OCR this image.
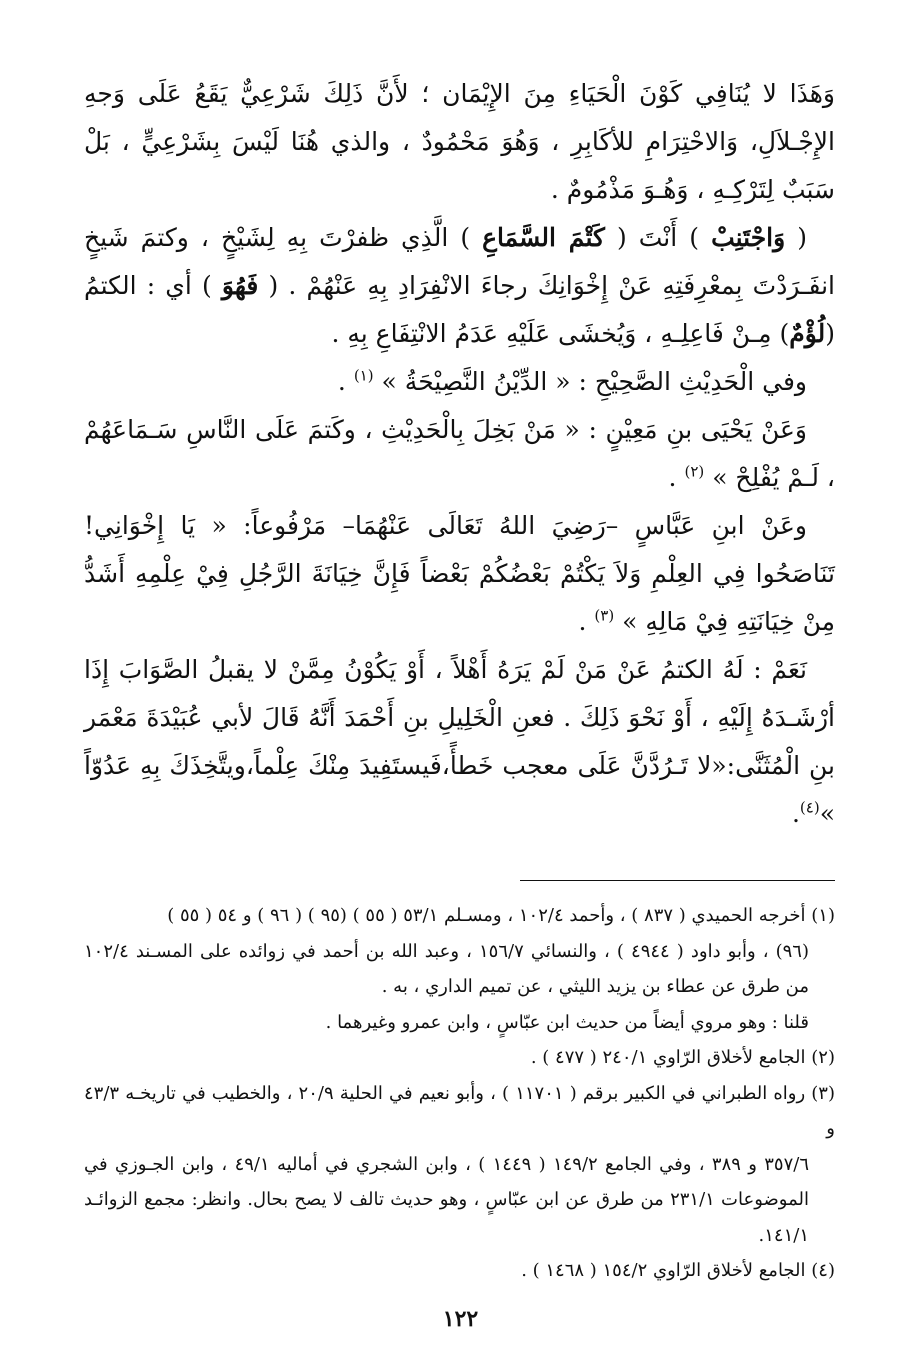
وَهَذَا لا يُنَافِي كَوْنَ الْحَيَاءِ مِنَ الإِيْمَان ؛ لأَنَّ ذَلِكَ شَرْعِيٌّ يَقَعُ عَلَى وَجهِ الإِجْـلاَلِ، وَالاحْتِرَامِ للأكَابِرِ ، وَهُوَ مَحْمُودٌ ، والذي هُنَا لَيْسَ بِشَرْعِيٍّ ، بَلْ سَبَبٌ لِتَرْكِـهِ ، وَهُـوَ مَذْمُومٌ .

( وَاجْتَنِبْ ) أَنْتَ ( كَتْمَ السَّمَاعِ ) الَّذِي ظفرْتَ بِهِ لِشَيْخٍ ، وكتمَ شَيخٍ انفَـرَدْتَ بِمعْرِفَتِهِ عَنْ إِخْوَانِكَ رجاءَ الانْفِرَادِ بِهِ عَنْهُمْ . ( فَهُوَ ) أي : الكتمُ (لُؤْمٌ) مِـنْ فَاعِلِـهِ ، وَيُخشَى عَلَيْهِ عَدَمُ الانْتِفَاعِ بِهِ .

وفي الْحَدِيْثِ الصَّحِيْحِ : « الدِّيْنُ النَّصِيْحَةُ » $^{(١)}$ .

وَعَنْ يَحْيَى بنِ مَعِيْنٍ : « مَنْ بَخِلَ بِالْحَدِيْثِ ، وكَتمَ عَلَى النَّاسِ سَـمَاعَهُمْ ، لَـمْ يُفْلِحْ » $^{(٢)}$ .

وعَنْ ابنِ عَبَّاسٍ –رَضِيَ اللهُ تَعَالَى عَنْهُمَا– مَرْفُوعاً: « يَا إِخْوَانِي! تَنَاصَحُوا فِي العِلْمِ وَلاَ يَكْتُمْ بَعْضُكُمْ بَعْضاً فَإِنَّ خِيَانَةَ الرَّجُلِ فِيْ عِلْمِهِ أَشَدُّ مِنْ خِيَانَتِهِ فِيْ مَالِهِ » $^{(٣)}$ .

نَعَمْ : لَهُ الكتمُ عَنْ مَنْ لَمْ يَرَهُ أَهْلاً ، أَوْ يَكُوْنُ مِمَّنْ لا يقبلُ الصَّوَابَ إِذَا أرْشَـدَهُ إِلَيْهِ ، أَوْ نَحْوَ ذَلِكَ . فعنِ الْخَلِيلِ بنِ أَحْمَدَ أَنَّهُ قَالَ لأبي عُبَيْدَةَ مَعْمَر بنِ الْمُثَنَّى:«لا تَـرُدَّنَّ عَلَى معجب خَطأً،فَيستَفِيدَ مِنْكَ عِلْماً،ويتَّخِذَكَ بِهِ عَدُوّاً »$^{(٤)}$.

(١) أخرجه الحميدي ( ٨٣٧ ) ، وأحمد ١٠٢/٤ ، ومسـلم ٥٣/١ ( ٥٥ ) (٩٥ ) ( ٩٦ ) و ٥٤ ( ٥٥ )

(٩٦) ، وأبو داود ( ٤٩٤٤ ) ، والنسائي ١٥٦/٧ ، وعبد الله بن أحمد في زوائده على المسـند ١٠٢/٤ من طرق عن عطاء بن يزيد الليثي ، عن تميم الداري ، به .

قلنا : وهو مروي أيضاً من حديث ابن عبّاسٍ ، وابن عمرو وغيرهما .

(٢) الجامع لأخلاق الرّاوي ٢٤٠/١ ( ٤٧٧ ) .

(٣) رواه الطبراني في الكبير برقم ( ١١٧٠١ ) ، وأبو نعيم في الحلية ٢٠/٩ ، والخطيب في تاريخـه ٤٣/٣ و

٣٥٧/٦ و ٣٨٩ ، وفي الجامع ١٤٩/٢ ( ١٤٤٩ ) ، وابن الشجري في أماليه ٤٩/١ ، وابن الجـوزي في الموضوعات ٢٣١/١ من طرق عن ابن عبّاسٍ ، وهو حديث تالف لا يصح بحال. وانظر: مجمع الزوائـد ١٤١/١.

(٤) الجامع لأخلاق الرّاوي ١٥٤/٢ ( ١٤٦٨ ) .

١٢٢
